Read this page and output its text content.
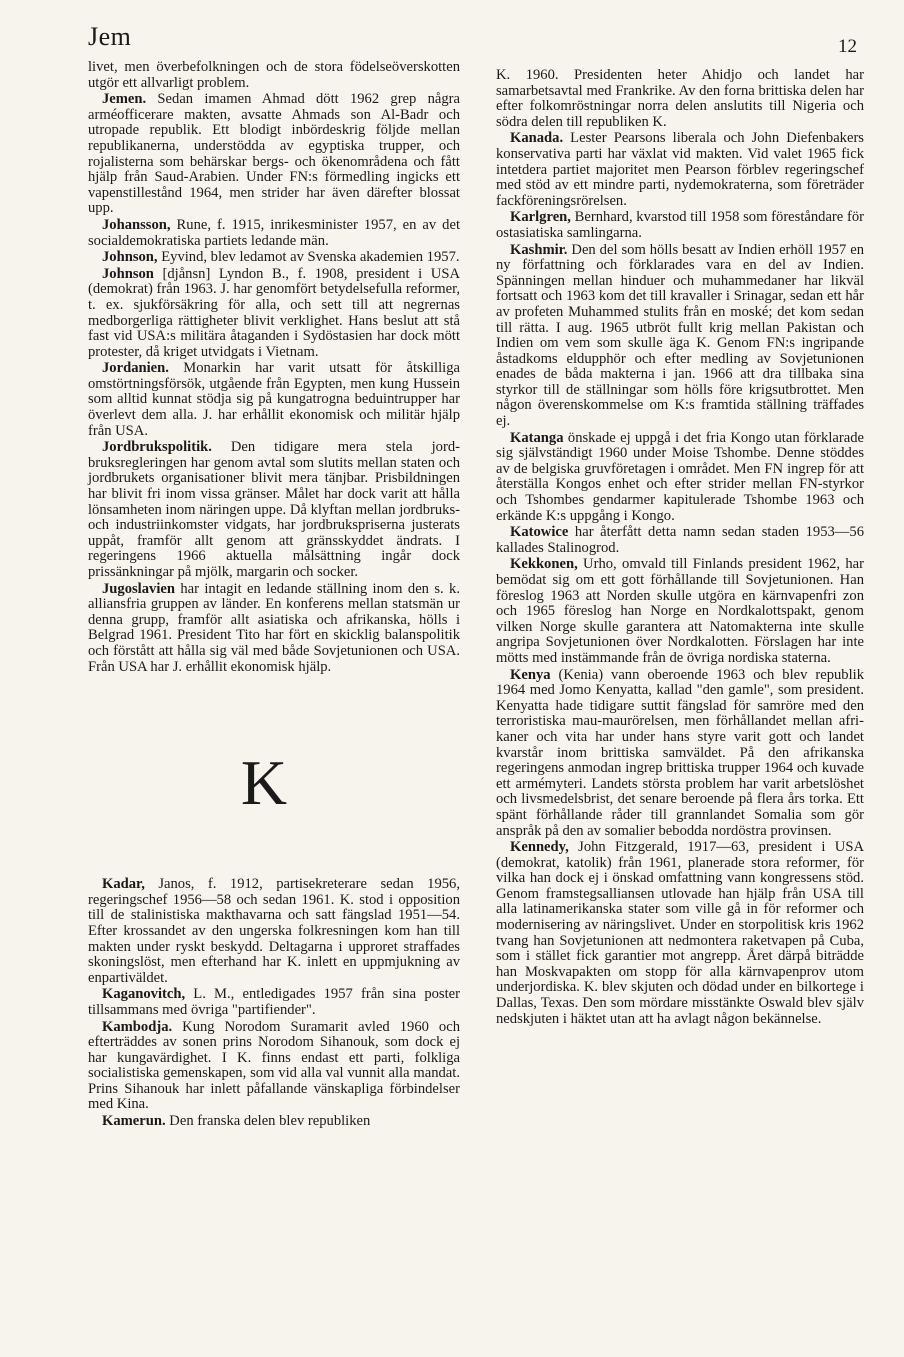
Jem	12

livet, men överbefolkningen och de stora födelseöverskotten utgör ett allvarligt problem.

Jemen. Sedan imamen Ahmad dött 1962 grep några arméofficerare makten, avsatte Ahmads son Al-Badr och utropade republik. Ett blodigt inbördeskrig följde mellan republikanerna, understödda av egyptiska trupper, och rojalisterna som behärskar bergs- och ökenområdena och fått hjälp från Saud-Arabien. Under FN:s förmedling ingicks ett vapenstillestånd 1964, men strider har även därefter blossat upp.

Johansson, Rune, f. 1915, inrikesminister 1957, en av det socialdemokratiska partiets ledande män.

Johnson, Eyvind, blev ledamot av Svenska akademien 1957.

Johnson [djånsn] Lyndon B., f. 1908, president i USA (demokrat) från 1963. J. har genomfört betydelsefulla reformer, t. ex. sjukförsäkring för alla, och sett till att negrernas medborgerliga rättigheter blivit verklighet. Hans beslut att stå fast vid USA:s militära åtaganden i Sydöstasien har dock mött protester, då kriget utvidgats i Vietnam.

Jordanien. Monarkin har varit utsatt för åtskilliga omstörtningsförsök, utgående från Egypten, men kung Hussein som alltid kunnat stödja sig på kungatrogna beduintrupper har överlevt dem alla. J. har erhållit ekonomisk och militär hjälp från USA.

Jordbrukspolitik. Den tidigare mera stela jordbruksregleringen har genom avtal som slutits mellan staten och jordbrukets organisationer blivit mera tänjbar. Prisbildningen har blivit fri inom vissa gränser. Målet har dock varit att hålla lönsamheten inom näringen uppe. Då klyftan mellan jordbruks- och industriinkomster vidgats, har jordbrukspriserna justerats uppåt, framför allt genom att gränsskyddet ändrats. I regeringens 1966 aktuella målsättning ingår dock prissänkningar på mjölk, margarin och socker.

Jugoslavien har intagit en ledande ställning inom den s. k. alliansfria gruppen av länder. En konferens mellan statsmän ur denna grupp, framför allt asiatiska och afrikanska, hölls i Belgrad 1961. President Tito har fört en skicklig balanspolitik och förstått att hålla sig väl med både Sovjetunionen och USA. Från USA har J. erhållit ekonomisk hjälp.

K

Kadar, Janos, f. 1912, partisekreterare sedan 1956, regeringschef 1956—58 och sedan 1961. K. stod i opposition till de stalinistiska makthavarna och satt fängslad 1951—54. Efter krossandet av den ungerska folkresningen kom han till makten under ryskt beskydd. Deltagarna i upproret straffades skoningslöst, men efterhand har K. inlett en uppmjukning av enpartiväldet.

Kaganovitch, L. M., entledigades 1957 från sina poster tillsammans med övriga "partifiender".

Kambodja. Kung Norodom Suramarit avled 1960 och efterträddes av sonen prins Norodom Sihanouk, som dock ej har kungavärdighet. I K. finns endast ett parti, folkliga socialistiska gemenskapen, som vid alla val vunnit alla mandat. Prins Sihanouk har inlett påfallande vänskapliga förbindelser med Kina.

Kamerun. Den franska delen blev republiken

K. 1960. Presidenten heter Ahidjo och landet har samarbetsavtal med Frankrike. Av den forna brittiska delen har efter folkomröstningar norra delen anslutits till Nigeria och södra delen till republiken K.

Kanada. Lester Pearsons liberala och John Diefenbakers konservativa parti har växlat vid makten. Vid valet 1965 fick intetdera partiet majoritet men Pearson förblev regeringschef med stöd av ett mindre parti, nydemokraterna, som företräder fackföreningsrörelsen.

Karlgren, Bernhard, kvarstod till 1958 som föreståndare för ostasiatiska samlingarna.

Kashmir. Den del som hölls besatt av Indien erhöll 1957 en ny författning och förklarades vara en del av Indien. Spänningen mellan hinduer och muhammedaner har likväl fortsatt och 1963 kom det till kravaller i Srinagar, sedan ett hår av profeten Muhammed stulits från en moské; det kom sedan till rätta. I aug. 1965 utbröt fullt krig mellan Pakistan och Indien om vem som skulle äga K. Genom FN:s ingripande åstadkoms eldupphör och efter medling av Sovjetunionen enades de båda makterna i jan. 1966 att dra tillbaka sina styrkor till de ställningar som hölls före krigsutbrottet. Men någon överenskommelse om K:s framtida ställning träffades ej.

Katanga önskade ej uppgå i det fria Kongo utan förklarade sig självständigt 1960 under Moise Tshombe. Denne stöddes av de belgiska gruvföretagen i området. Men FN ingrep för att återställa Kongos enhet och efter strider mellan FN-styrkor och Tshombes gendarmer kapitulerade Tshombe 1963 och erkände K:s uppgång i Kongo.

Katowice har återfått detta namn sedan staden 1953—56 kallades Stalinogrod.

Kekkonen, Urho, omvald till Finlands president 1962, har bemödat sig om ett gott förhållande till Sovjetunionen. Han föreslog 1963 att Norden skulle utgöra en kärnvapenfri zon och 1965 föreslog han Norge en Nordkalottspakt, genom vilken Norge skulle garantera att Natomakterna inte skulle angripa Sovjetunionen över Nordkalotten. Förslagen har inte mötts med instämmande från de övriga nordiska staterna.

Kenya (Kenia) vann oberoende 1963 och blev republik 1964 med Jomo Kenyatta, kallad "den gamle", som president. Kenyatta hade tidigare suttit fängslad för samröre med den terroristiska mau-maurörelsen, men förhållandet mellan afrikaner och vita har under hans styre varit gott och landet kvarstår inom brittiska samväldet. På den afrikanska regeringens anmodan ingrep brittiska trupper 1964 och kuvade ett armémyteri. Landets största problem har varit arbetslöshet och livsmedelsbrist, det senare beroende på flera års torka. Ett spänt förhållande råder till grannlandet Somalia som gör anspråk på den av somalier bebodda nordöstra provinsen.

Kennedy, John Fitzgerald, 1917—63, president i USA (demokrat, katolik) från 1961, planerade stora reformer, för vilka han dock ej i önskad omfattning vann kongressens stöd. Genom framstegsalliansen utlovade han hjälp från USA till alla latinamerikanska stater som ville gå in för reformer och modernisering av näringslivet. Under en storpolitisk kris 1962 tvang han Sovjetunionen att nedmontera raketvapen på Cuba, som i stället fick garantier mot angrepp. Året därpå biträdde han Moskvapakten om stopp för alla kärnvapenprov utom underjordiska. K. blev skjuten och dödad under en bilkortege i Dallas, Texas. Den som mördare misstänkte Oswald blev själv nedskjuten i häktet utan att ha avlagt någon bekännelse.
